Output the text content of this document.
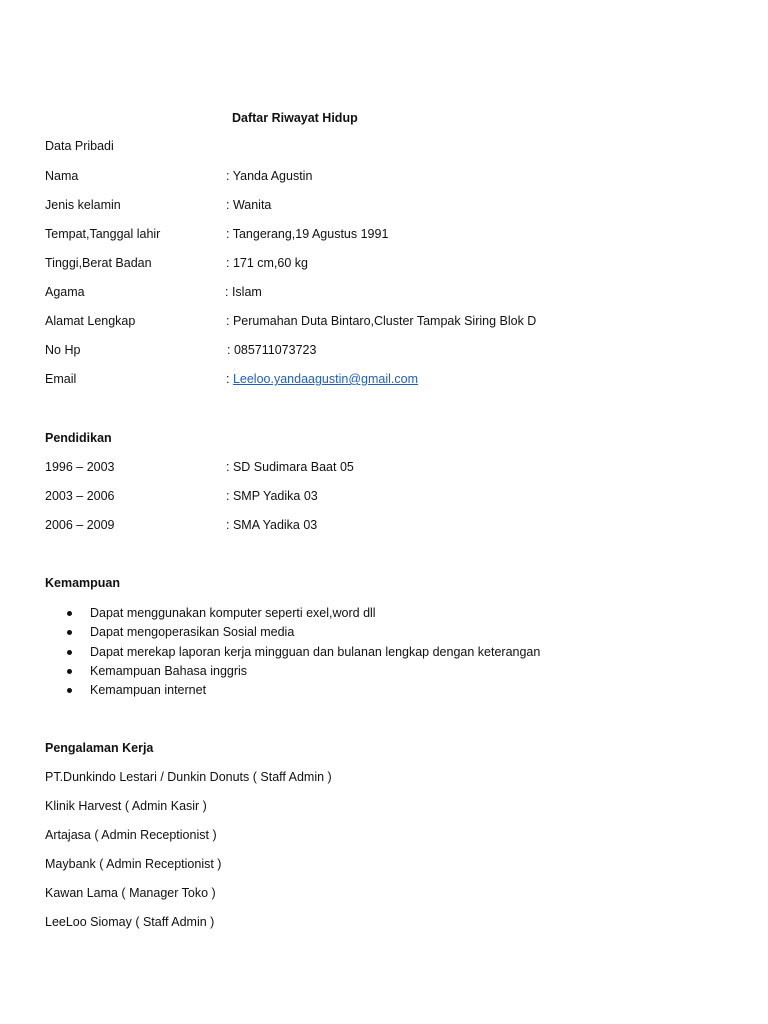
Daftar Riwayat Hidup
Data Pribadi
Nama	: Yanda Agustin
Jenis kelamin	: Wanita
Tempat,Tanggal lahir	: Tangerang,19 Agustus 1991
Tinggi,Berat Badan	: 171 cm,60 kg
Agama	: Islam
Alamat Lengkap	: Perumahan Duta Bintaro,Cluster Tampak Siring Blok D
No Hp	: 085711073723
Email	: Leeloo.yandaagustin@gmail.com
Pendidikan
1996 – 2003	: SD Sudimara Baat 05
2003 – 2006	: SMP Yadika 03
2006 – 2009	: SMA Yadika 03
Kemampuan
Dapat menggunakan komputer seperti exel,word dll
Dapat mengoperasikan Sosial media
Dapat merekap laporan kerja mingguan dan bulanan lengkap dengan keterangan
Kemampuan Bahasa inggris
Kemampuan internet
Pengalaman Kerja
PT.Dunkindo Lestari / Dunkin Donuts ( Staff Admin )
Klinik Harvest ( Admin Kasir )
Artajasa ( Admin Receptionist )
Maybank ( Admin Receptionist )
Kawan Lama ( Manager Toko )
LeeLoo Siomay ( Staff Admin )
